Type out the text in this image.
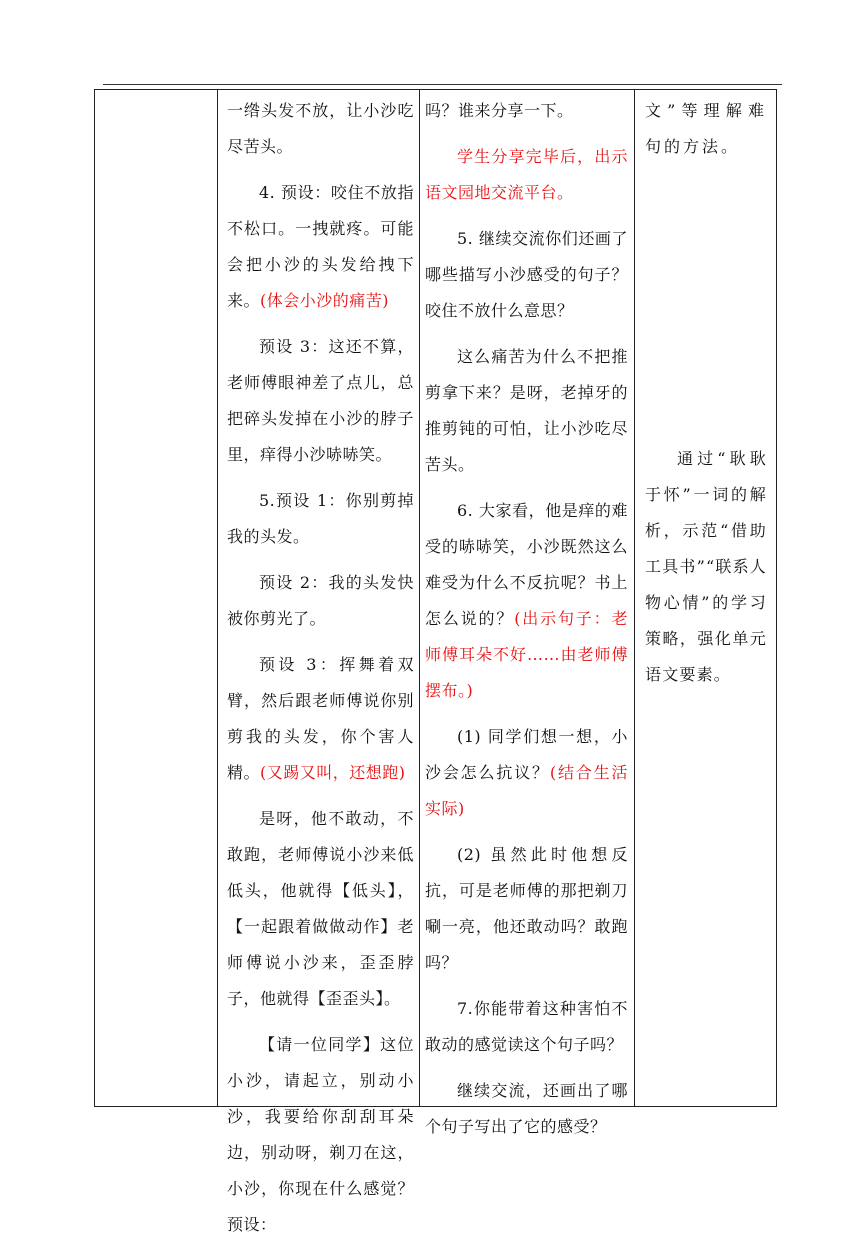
一绺头发不放，让小沙吃尽苦头。

4. 预设：咬住不放指不松口。一拽就疼。可能会把小沙的头发给拽下来。(体会小沙的痛苦)

预设 3：这还不算，老师傅眼神差了点儿，总把碎头发掉在小沙的脖子里，痒得小沙哧哧笑。

5.预设 1：你别剪掉我的头发。

预设 2：我的头发快被你剪光了。

预设 3：挥舞着双臂，然后跟老师傅说你别剪我的头发，你个害人精。(又踢又叫，还想跑)

是呀，他不敢动，不敢跑，老师傅说小沙来低低头，他就得【低头】，【一起跟着做做动作】老师傅说小沙来，歪歪脖子，他就得【歪歪头】。

【请一位同学】这位小沙，请起立，别动小沙，我要给你刮刮耳朵边，别动呀，剃刀在这，小沙，你现在什么感觉？预设：

吗？谁来分享一下。

学生分享完毕后，出示语文园地交流平台。

5. 继续交流你们还画了哪些描写小沙感受的句子？咬住不放什么意思？

这么痛苦为什么不把推剪拿下来？是呀，老掉牙的推剪钝的可怕，让小沙吃尽苦头。

6. 大家看，他是痒的难受的哧哧笑，小沙既然这么难受为什么不反抗呢？书上怎么说的？(出示句子：老师傅耳朵不好……由老师傅摆布。)

(1) 同学们想一想，小沙会怎么抗议？(结合生活实际)

(2) 虽然此时他想反抗，可是老师傅的那把剃刀唰一亮，他还敢动吗？敢跑吗？

7.你能带着这种害怕不敢动的感觉读这个句子吗？

继续交流，还画出了哪个句子写出了它的感受？

文”等理解难句的方法。

通过“耿耿于怀”一词的解析，示范“借助工具书”“联系人物心情”的学习策略，强化单元语文要素。
